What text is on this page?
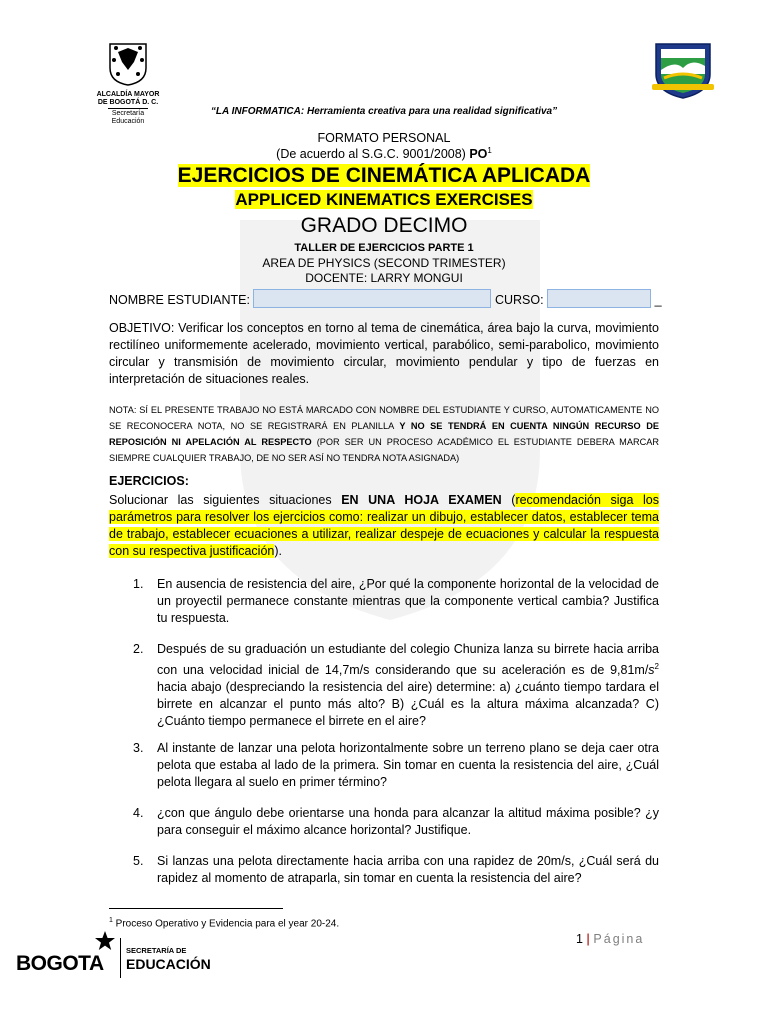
ALCALDÍA MAYOR
DE BOGOTÁ D. C.
Secretaría
Educación
“LA INFORMATICA: Herramienta creativa para una realidad significativa”
FORMATO PERSONAL
(De acuerdo al S.G.C. 9001/2008) $PO^1$
EJERCICIOS DE CINEMÁTICA APLICADA
APPLICED KINEMATICS EXERCISES
GRADO DECIMO
TALLER DE EJERCICIOS PARTE 1
AREA DE PHYSICS (SECOND TRIMESTER)
DOCENTE: LARRY MONGUI
NOMBRE ESTUDIANTE:	CURSO:	_
OBJETIVO: Verificar los conceptos en torno al tema de cinemática, área bajo la curva, movimiento rectilíneo uniformemente acelerado, movimiento vertical, parabólico, semi-parabolico, movimiento circular y transmisión de movimiento circular, movimiento pendular y tipo de fuerzas en interpretación de situaciones reales.
NOTA: SÍ EL PRESENTE TRABAJO NO ESTÁ MARCADO CON NOMBRE DEL ESTUDIANTE Y CURSO, AUTOMATICAMENTE NO SE RECONOCERA NOTA, NO SE REGISTRARÁ EN PLANILLA Y NO SE TENDRÁ EN CUENTA NINGÚN RECURSO DE REPOSICIÓN NI APELACIÓN AL RESPECTO (POR SER UN PROCESO ACADÉMICO EL ESTUDIANTE DEBERA MARCAR SIEMPRE CUALQUIER TRABAJO, DE NO SER ASÍ NO TENDRA NOTA ASIGNADA)
EJERCICIOS:
Solucionar las siguientes situaciones EN UNA HOJA EXAMEN (recomendación siga los parámetros para resolver los ejercicios como: realizar un dibujo, establecer datos, establecer tema de trabajo, establecer ecuaciones a utilizar, realizar despeje de ecuaciones y calcular la respuesta con su respectiva justificación).
1. En ausencia de resistencia del aire, ¿Por qué la componente horizontal de la velocidad de un proyectil permanece constante mientras que la componente vertical cambia? Justifica tu respuesta.
2. Después de su graduación un estudiante del colegio Chuniza lanza su birrete hacia arriba con una velocidad inicial de 14,7m/s considerando que su aceleración es de $9,81m/s^2$ hacia abajo (despreciando la resistencia del aire) determine: a) ¿cuánto tiempo tardara el birrete en alcanzar el punto más alto? B) ¿Cuál es la altura máxima alcanzada? C) ¿Cuánto tiempo permanece el birrete en el aire?
3. Al instante de lanzar una pelota horizontalmente sobre un terreno plano se deja caer otra pelota que estaba al lado de la primera. Sin tomar en cuenta la resistencia del aire, ¿Cuál pelota llegara al suelo en primer término?
4. ¿con que ángulo debe orientarse una honda para alcanzar la altitud máxima posible? ¿y para conseguir el máximo alcance horizontal? Justifique.
5. Si lanzas una pelota directamente hacia arriba con una rapidez de 20m/s, ¿Cuál será du rapidez al momento de atraparla, sin tomar en cuenta la resistencia del aire?
$^1$ Proceso Operativo y Evidencia para el year 20-24.
1 | Página
BOGOTA
SECRETARÍA DE
EDUCACIÓN
